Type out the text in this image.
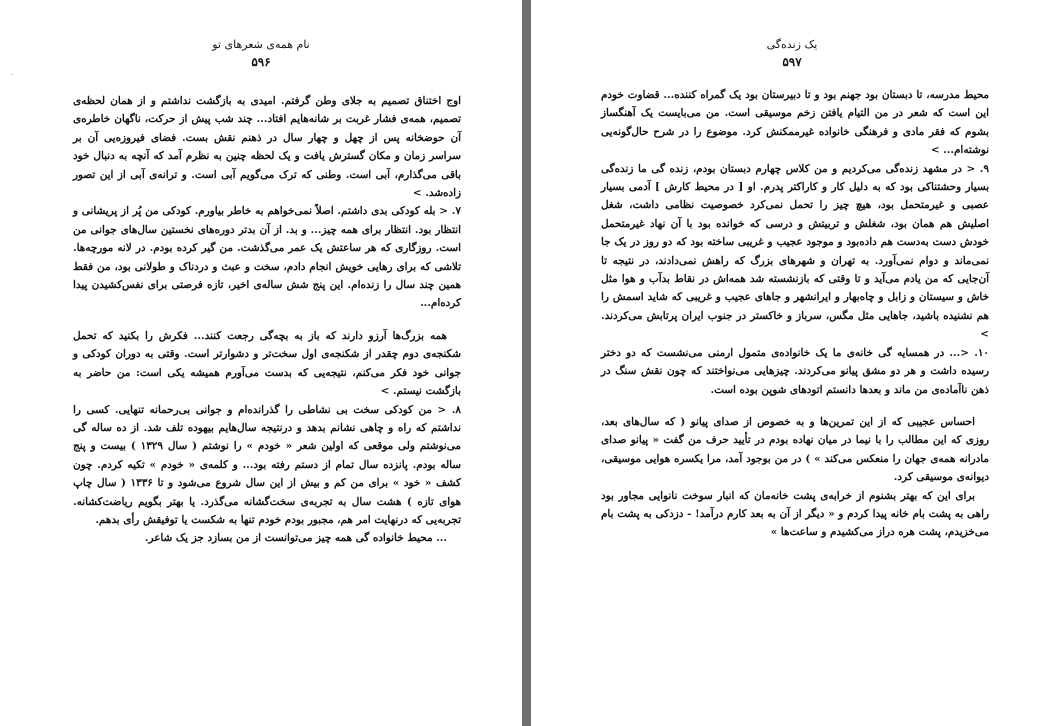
٠
نام همه‌ی شعرهای تو
۵۹۶

اوج اختناق تصمیم به جلای وطن گرفتم. امیدی به بازگشت نداشتم و از همان لحظه‌ی تصمیم، همه‌ی فشار غربت بر شانه‌هایم افتاد... چند شب پیش از حرکت، ناگهان خاطره‌ی آن حوضخانه پس از چهل و چهار سال در ذهنم نقش بست. فضای فیروزه‌یی آن بر سراسر زمان و مکان گسترش یافت و یک لحظه چنین به نظرم آمد که آنچه به دنبال خود باقی می‌گذارم، آبی است. وطنی که ترک می‌گویم آبی است. و ترانه‌ی آبی از این تصور زاده‌شد. >

۷. < بله کودکی بدی داشتم. اصلاً نمی‌خواهم به خاطر بیاورم. کودکی من پُر از پریشانی و انتظار بود. انتظار برای همه چیز... و بد. از آن بدتر دوره‌های نخستین سال‌های جوانی من است. روزگاری که هر ساعتش یک عمر می‌گذشت. من گیر کرده بودم. در لانه مورچه‌ها. تلاشی که برای رهایی خویش انجام دادم، سخت و عبث و دردناک و طولانی بود، من فقط همین چند سال را زنده‌ام. این پنج شش ساله‌ی اخیر، تازه فرصتی برای نفس‌کشیدن پیدا کرده‌ام...

همه بزرگ‌ها آرزو دارند که باز به بچه‌گی رجعت کنند... فکرش را بکنید که تحمل شکنجه‌ی دوم چقدر از شکنجه‌ی اول سخت‌تر و دشوارتر است. وقتی به دوران کودکی و جوانی خود فکر می‌کنم، نتیجه‌یی که بدست می‌آورم همیشه یکی است: من حاضر به بازگشت نیستم. >

۸. < من کودکی سخت بی نشاطی را گذرانده‌ام و جوانی بی‌رحمانه تنهایی. کسی را نداشتم که راه و چاهی نشانم بدهد و درنتیجه سال‌هایم بیهوده تلف شد. از ده ساله گی می‌نوشتم ولی موقعی که اولین شعر « خودم » را نوشتم ( سال ۱۳۲۹ ) بیست و پنج ساله بودم. پانزده سال تمام از دستم رفته بود... و کلمه‌ی « خودم » تکیه کردم. چون کشف « خود » برای من کم و بیش از این سال شروع می‌شود و تا ۱۳۳۶ ( سال چاپ هوای تازه ) هشت سال به تجربه‌ی سخت‌گشانه می‌گذرد. یا بهتر بگویم ریاضت‌کشانه. تجربه‌یی که درنهایت امر هم، مجبور بودم خودم تنها به شکست یا توفیقش رأی بدهم.

... محیط خانواده گی همه چیز می‌توانست از من بسازد جز یک شاعر.

یک زنده‌گی
۵۹۷

محیط مدرسه، تا دبستان بود جهنم بود و تا دبیرستان بود یک گمراه کننده... قضاوت خودم این است که شعر در من التیام یافتن زخم موسیقی است. من می‌بایست یک آهنگساز بشوم که فقر مادی و فرهنگی خانواده غیرممکنش کرد. موضوع را در شرح حال‌گونه‌یی نوشته‌ام... >

۹. < در مشهد زنده‌گی می‌کردیم و من کلاس چهارم دبستان بودم، زنده گی ما زنده‌گی بسیار وحشتناکی بود که به دلیل کار و کاراکتر پدرم. او [ در محیط کارش ] آدمی بسیار عصبی و غیرمتحمل بود، هیچ چیز را تحمل نمی‌کرد خصوصیت نظامی داشت، شغل اصلیش هم همان بود، شغلش و تربیتش و درسی که خوانده بود با آن نهاد غیرمتحمل خودش دست به‌دست هم داده‌بود و موجود عجیب و غریبی ساخته بود که دو روز در یک جا نمی‌ماند و دوام نمی‌آورد. به تهران و شهرهای بزرگ که راهش نمی‌دادند، در نتیجه تا آن‌جایی که من یادم می‌آید و تا وقتی که بازنشسته شد همه‌اش در نقاط بدآب و هوا مثل خاش و سیستان و زابل و چاه‌بهار و ایرانشهر و جاهای عجیب و غریبی که شاید اسمش را هم نشنیده باشید، جاهایی مثل مگس، سرباز و خاکستر در جنوب ایران پرتابش می‌کردند. >

۱۰. <... در همسایه گی خانه‌ی ما یک خانواده‌ی متمول ارمنی می‌نشست که دو دختر رسیده داشت و هر دو مشق پیانو می‌کردند. چیزهایی می‌نواختند که چون نقش سنگ در ذهن ناآماده‌ی من ماند و بعدها دانستم اتودهای شوپن بوده است.

احساس عجیبی که از این تمرین‌ها و به خصوص از صدای پیانو ( که سال‌های بعد، روزی که این مطالب را با نیما در میان نهاده بودم در تأیید حرف من گفت « پیانو صدای مادرانه همه‌ی جهان را منعکس می‌کند » ) در من بوجود آمد، مرا یکسره هوایی موسیقی، دیوانه‌ی موسیقی کرد.

برای این که بهتر بشنوم از خرابه‌ی پشت خانه‌مان که انبار سوخت نانوایی مجاور بود راهی به پشت بام خانه پیدا کردم و « دیگر از آن به بعد کارم درآمد! - دزدکی به پشت بام می‌خزیدم، پشت هره دراز می‌کشیدم و ساعت‌ها »
